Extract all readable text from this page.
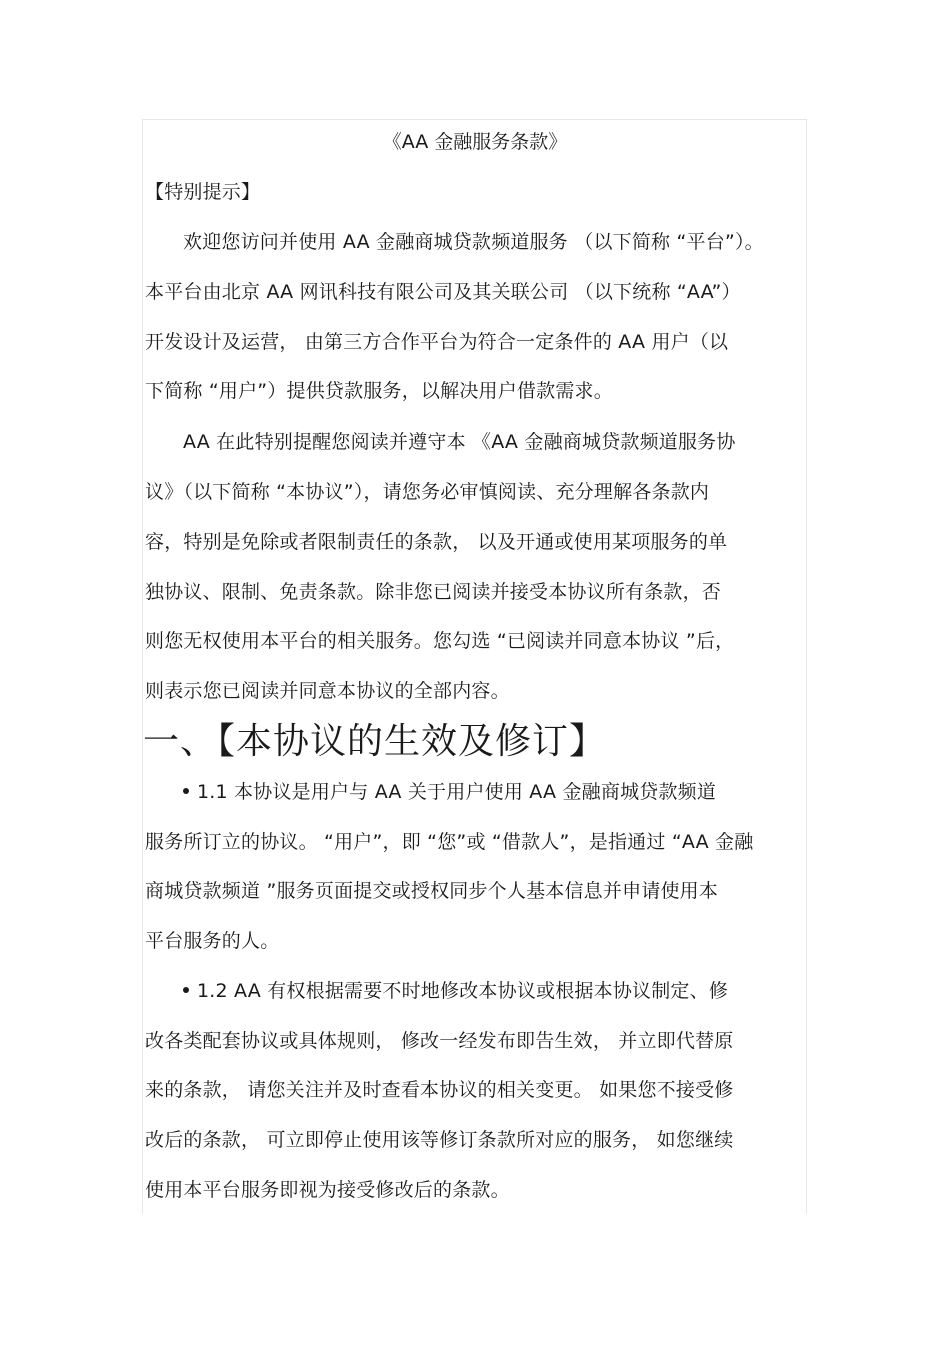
《AA 金融服务条款》
【特别提示】
欢迎您访问并使用 AA 金融商城贷款频道服务 （以下简称 “平台”）。
本平台由北京 AA 网讯科技有限公司及其关联公司 （以下统称 “AA”）
开发设计及运营， 由第三方合作平台为符合一定条件的 AA 用户（以
下简称 “用户”）提供贷款服务，以解决用户借款需求。
AA 在此特别提醒您阅读并遵守本 《AA 金融商城贷款频道服务协
议》（以下简称 “本协议”），请您务必审慎阅读、充分理解各条款内
容，特别是免除或者限制责任的条款， 以及开通或使用某项服务的单
独协议、限制、免责条款。除非您已阅读并接受本协议所有条款，否
则您无权使用本平台的相关服务。您勾选 “已阅读并同意本协议 ”后，
则表示您已阅读并同意本协议的全部内容。
一、【本协议的生效及修订】
1.1 本协议是用户与 AA 关于用户使用 AA 金融商城贷款频道
服务所订立的协议。 “用户”，即 “您”或 “借款人”，是指通过 “AA 金融
商城贷款频道 ”服务页面提交或授权同步个人基本信息并申请使用本
平台服务的人。
1.2 AA 有权根据需要不时地修改本协议或根据本协议制定、修
改各类配套协议或具体规则， 修改一经发布即告生效， 并立即代替原
来的条款， 请您关注并及时查看本协议的相关变更。 如果您不接受修
改后的条款， 可立即停止使用该等修订条款所对应的服务， 如您继续
使用本平台服务即视为接受修改后的条款。
